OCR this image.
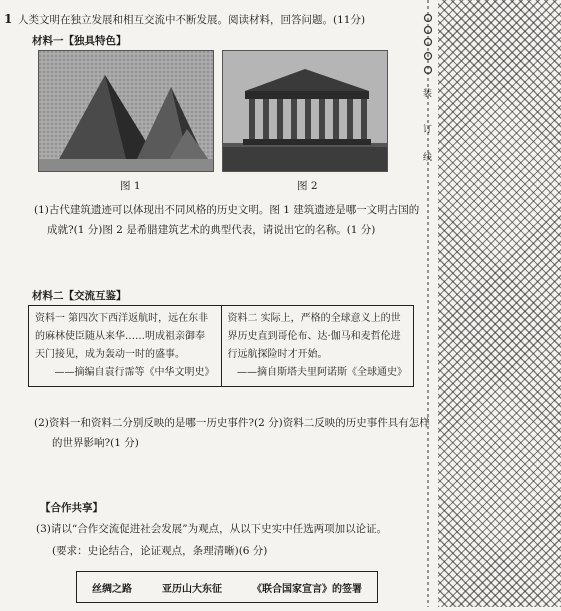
1 人类文明在独立发展和相互交流中不断发展。阅读材料，回答问题。(11分)
材料一【独具特色】
图 1	图 2
(1)古代建筑遗迹可以体现出不同风格的历史文明。图 1 建筑遗迹是哪一文明古国的
成就?(1 分)图 2 是希腊建筑艺术的典型代表，请说出它的名称。(1 分)
材料二【交流互鉴】
资料一 第四次下西洋返航时，远在东非的麻林使臣随从来华……明成祖亲御奉天门接见，成为轰动一时的盛事。
——摘编自袁行霈等《中华文明史》
	资料二 实际上，严格的全球意义上的世界历史直到哥伦布、达·伽马和麦哲伦进行远航探险时才开始。
——摘自斯塔夫里阿诺斯《全球通史》
(2)资料一和资料二分别反映的是哪一历史事件?(2 分)资料二反映的历史事件具有怎样
的世界影响?(1 分)
【合作共享】
(3)请以“合作交流促进社会发展”为观点，从以下史实中任选两项加以论证。
(要求：史论结合，论证观点，条理清晰)(6 分)
丝绸之路	亚历山大东征	《联合国家宣言》的签署
装
订
线
